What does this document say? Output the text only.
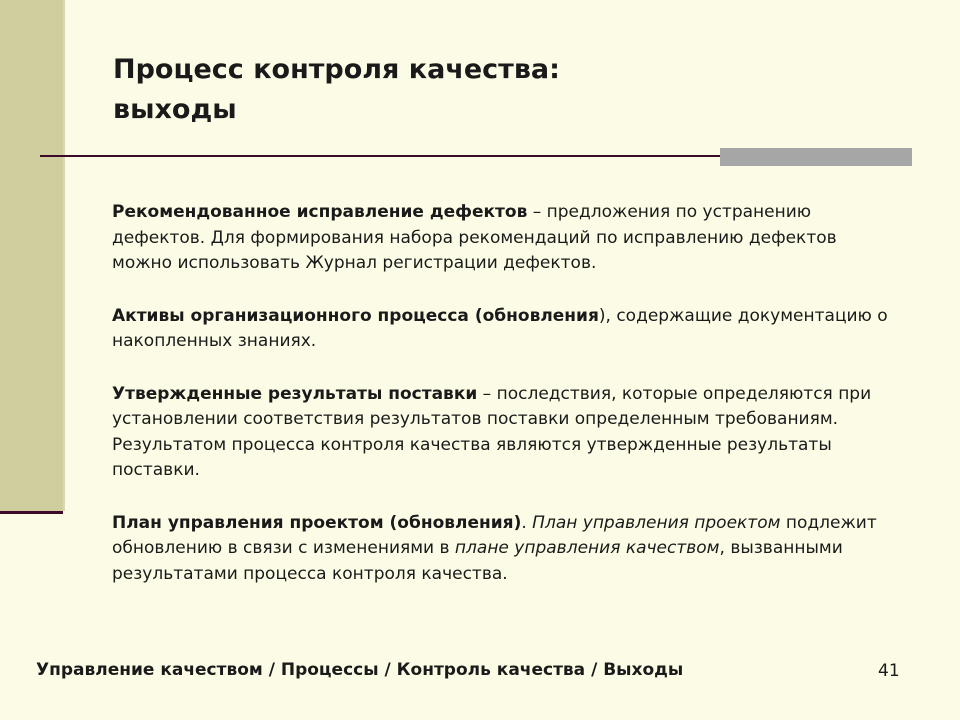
Процесс контроля качества:
выходы

Рекомендованное исправление дефектов – предложения по устранению дефектов. Для формирования набора рекомендаций по исправлению дефектов можно использовать Журнал регистрации дефектов.

Активы организационного процесса (обновления), содержащие документацию о накопленных знаниях.

Утвержденные результаты поставки – последствия, которые определяются при установлении соответствия результатов поставки определенным требованиям. Результатом процесса контроля качества являются утвержденные результаты поставки.

План управления проектом (обновления). План управления проектом подлежит обновлению в связи с изменениями в плане управления качеством, вызванными результатами процесса контроля качества.

Управление качеством / Процессы / Контроль качества / Выходы	41
